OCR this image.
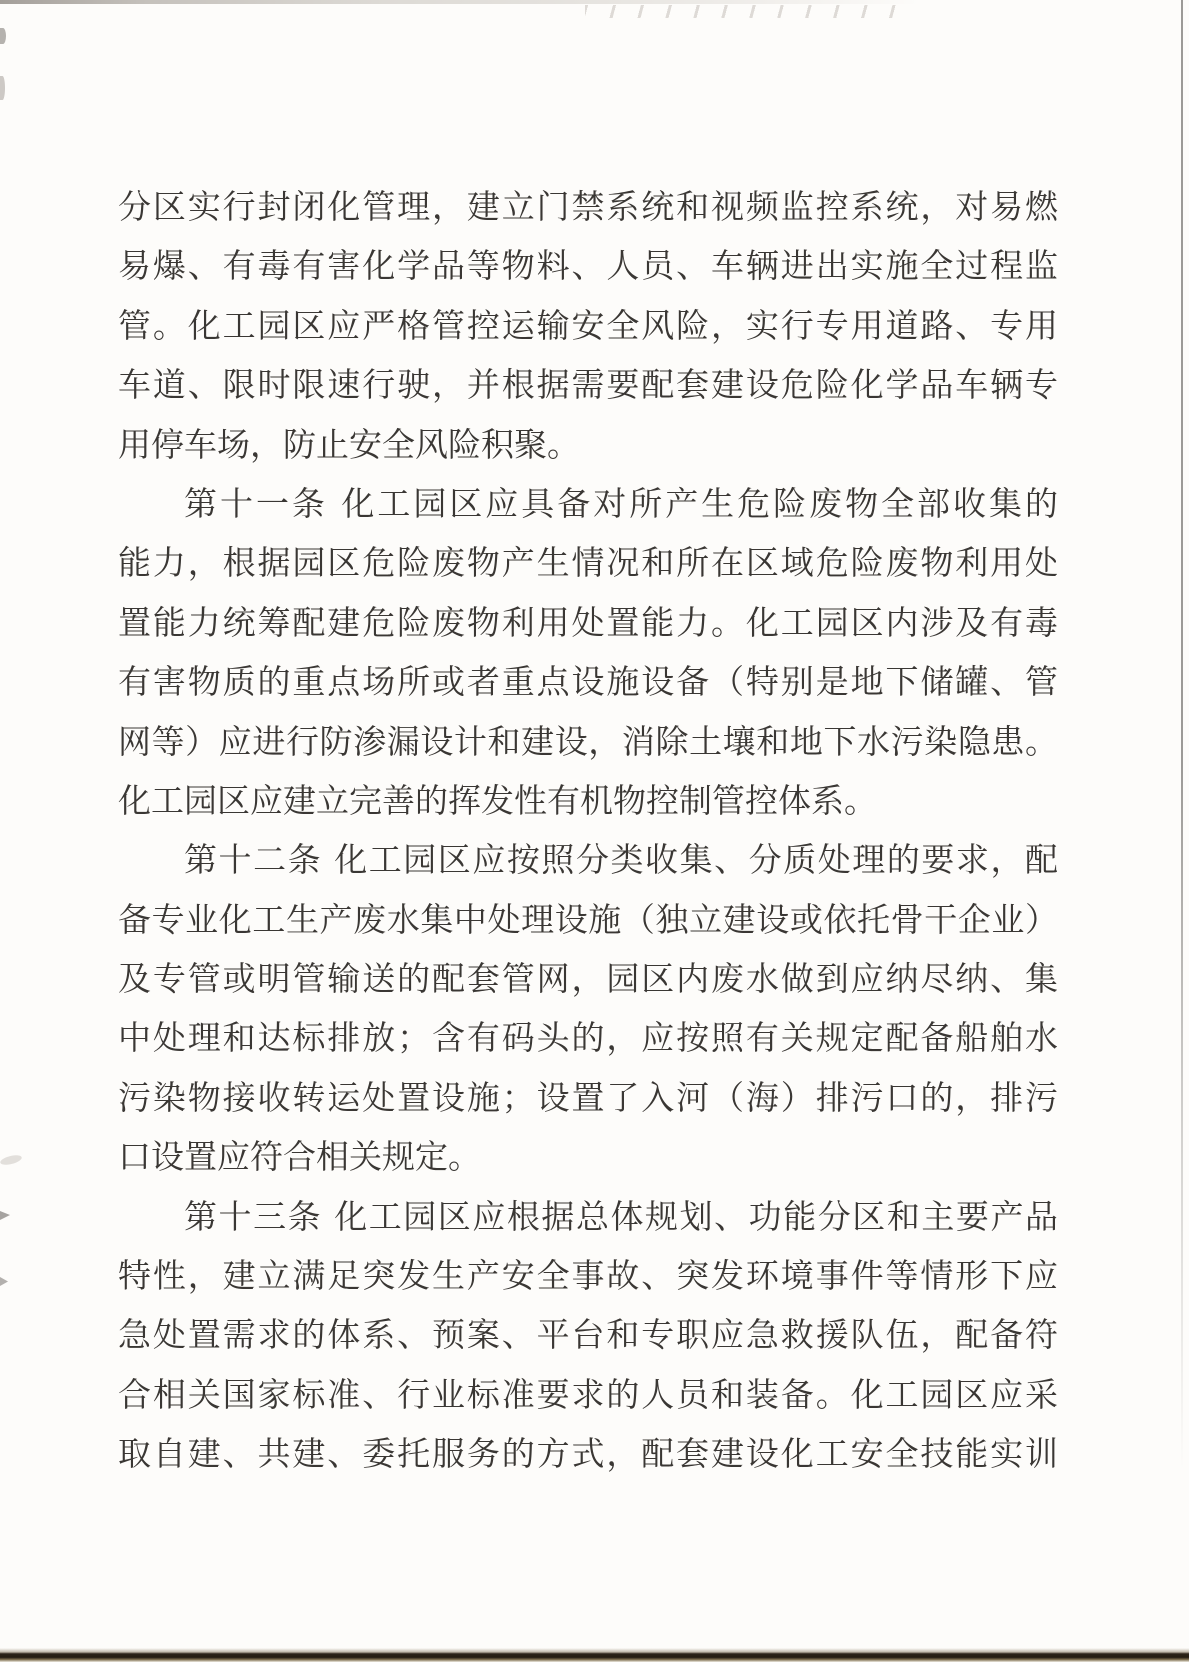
分区实行封闭化管理，建立门禁系统和视频监控系统，对易燃
易爆、有毒有害化学品等物料、人员、车辆进出实施全过程监
管。化工园区应严格管控运输安全风险，实行专用道路、专用
车道、限时限速行驶，并根据需要配套建设危险化学品车辆专
用停车场，防止安全风险积聚。
第十一条 化工园区应具备对所产生危险废物全部收集的
能力，根据园区危险废物产生情况和所在区域危险废物利用处
置能力统筹配建危险废物利用处置能力。化工园区内涉及有毒
有害物质的重点场所或者重点设施设备（特别是地下储罐、管
网等）应进行防渗漏设计和建设，消除土壤和地下水污染隐患。
化工园区应建立完善的挥发性有机物控制管控体系。
第十二条 化工园区应按照分类收集、分质处理的要求，配
备专业化工生产废水集中处理设施（独立建设或依托骨干企业）
及专管或明管输送的配套管网，园区内废水做到应纳尽纳、集
中处理和达标排放；含有码头的，应按照有关规定配备船舶水
污染物接收转运处置设施；设置了入河（海）排污口的，排污
口设置应符合相关规定。
第十三条 化工园区应根据总体规划、功能分区和主要产品
特性，建立满足突发生产安全事故、突发环境事件等情形下应
急处置需求的体系、预案、平台和专职应急救援队伍，配备符
合相关国家标准、行业标准要求的人员和装备。化工园区应采
取自建、共建、委托服务的方式，配套建设化工安全技能实训
